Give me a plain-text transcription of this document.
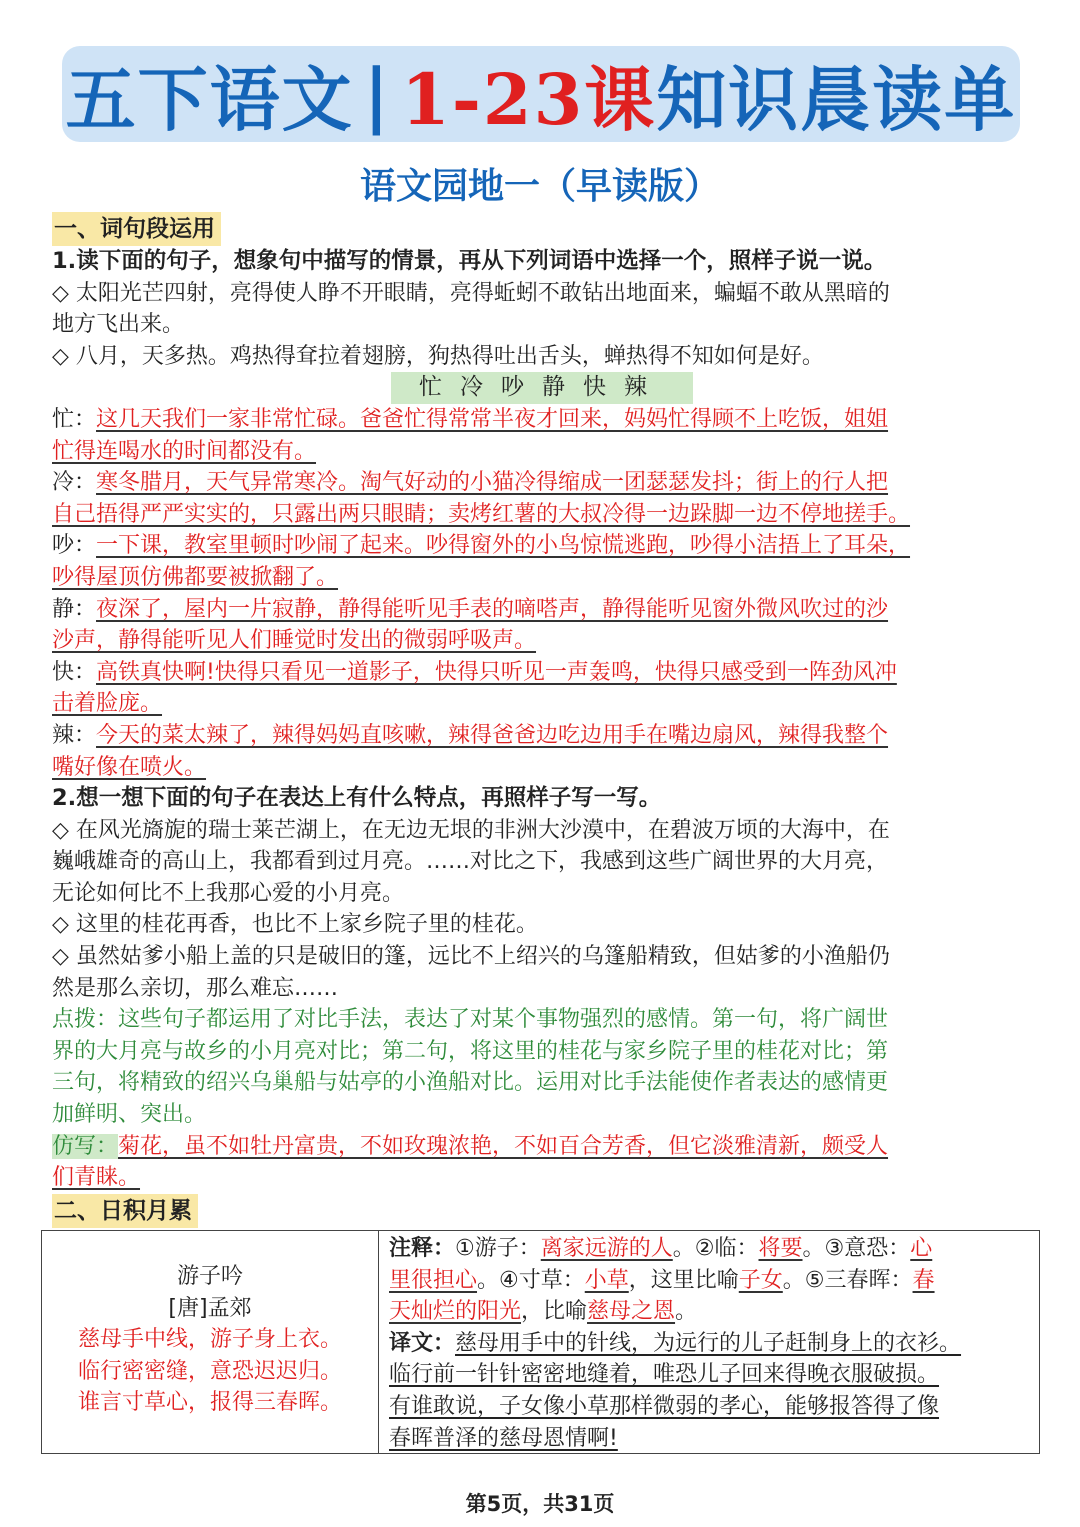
五下语文 | 1-23课 知识晨读单
语文园地一（早读版）
一、词句段运用
1.读下面的句子，想象句中描写的情景，再从下列词语中选择一个，照样子说一说。
◇ 太阳光芒四射，亮得使人睁不开眼睛，亮得蚯蚓不敢钻出地面来，蝙蝠不敢从黑暗的
地方飞出来。
◇ 八月，天多热。鸡热得耷拉着翅膀，狗热得吐出舌头，蝉热得不知如何是好。
忙冷吵静快辣
忙：这几天我们一家非常忙碌。爸爸忙得常常半夜才回来，妈妈忙得顾不上吃饭，姐姐
忙得连喝水的时间都没有。
冷：寒冬腊月，天气异常寒冷。淘气好动的小猫冷得缩成一团瑟瑟发抖；街上的行人把
自己捂得严严实实的，只露出两只眼睛；卖烤红薯的大叔冷得一边跺脚一边不停地搓手。
吵：一下课，教室里顿时吵闹了起来。吵得窗外的小鸟惊慌逃跑，吵得小洁捂上了耳朵，
吵得屋顶仿佛都要被掀翻了。
静：夜深了，屋内一片寂静，静得能听见手表的嘀嗒声，静得能听见窗外微风吹过的沙
沙声，静得能听见人们睡觉时发出的微弱呼吸声。
快：高铁真快啊!快得只看见一道影子，快得只听见一声轰鸣，快得只感受到一阵劲风冲
击着脸庞。
辣：今天的菜太辣了，辣得妈妈直咳嗽，辣得爸爸边吃边用手在嘴边扇风，辣得我整个
嘴好像在喷火。
2.想一想下面的句子在表达上有什么特点，再照样子写一写。
◇ 在风光旖旎的瑞士莱芒湖上，在无边无垠的非洲大沙漠中，在碧波万顷的大海中，在
巍峨雄奇的高山上，我都看到过月亮。……对比之下，我感到这些广阔世界的大月亮，
无论如何比不上我那心爱的小月亮。
◇ 这里的桂花再香，也比不上家乡院子里的桂花。
◇ 虽然姑爹小船上盖的只是破旧的篷，远比不上绍兴的乌篷船精致，但姑爹的小渔船仍
然是那么亲切，那么难忘……
点拨：这些句子都运用了对比手法，表达了对某个事物强烈的感情。第一句，将广阔世
界的大月亮与故乡的小月亮对比；第二句，将这里的桂花与家乡院子里的桂花对比；第
三句，将精致的绍兴乌巢船与姑亭的小渔船对比。运用对比手法能使作者表达的感情更
加鲜明、突出。
仿写：菊花，虽不如牡丹富贵，不如玫瑰浓艳，不如百合芳香，但它淡雅清新，颇受人
们青睐。
二、日积月累
游子吟
[唐]孟郊
慈母手中线，游子身上衣。
临行密密缝，意恐迟迟归。
谁言寸草心，报得三春晖。
注释：①游子：离家远游的人。②临：将要。③意恐：心
里很担心。④寸草：小草，这里比喻子女。⑤三春晖：春
天灿烂的阳光，比喻慈母之恩。
译文：慈母用手中的针线，为远行的儿子赶制身上的衣衫。
临行前一针针密密地缝着，唯恐儿子回来得晚衣服破损。
有谁敢说，子女像小草那样微弱的孝心，能够报答得了像
春晖普泽的慈母恩情啊!
第5页，共31页
